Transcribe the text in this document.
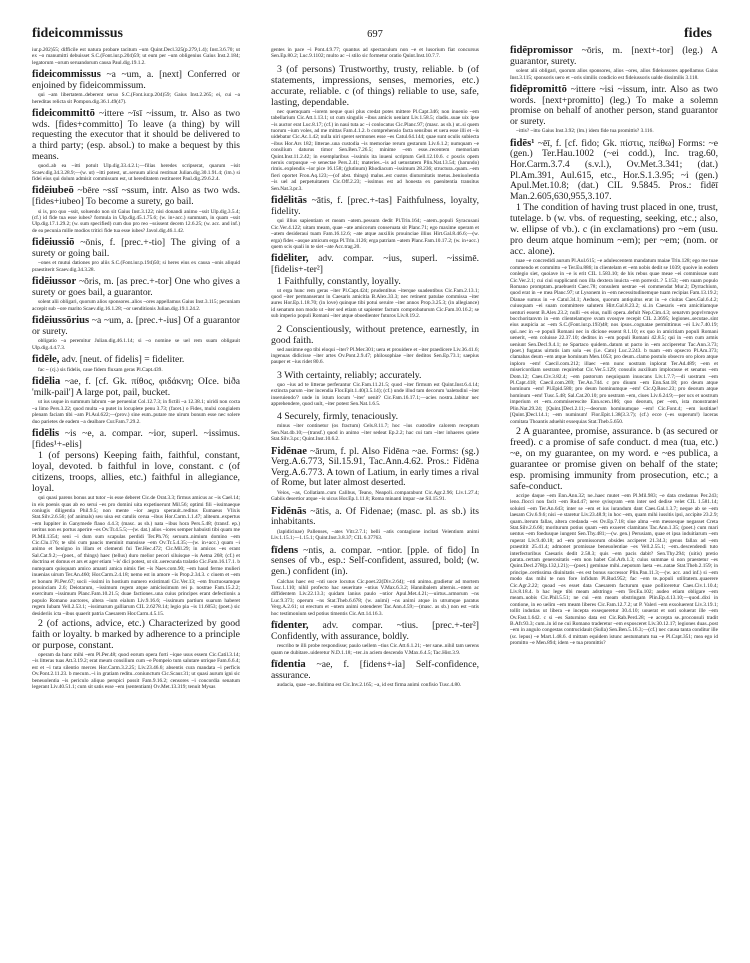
fideicommissus	697	fides

iur.p.202)55; difficile est natura probare tacitum ~um Quint.Decl.325(p.279,1.4); Inst.3.6.70; ut ex ~o manumitti debuisset S.C.(Font.iur.p.204)59; ut eum per ~um obligenius Gaius Inst.2.184; legatorum ~orum seruandorum causa Paul.dig.19.1.2.

fideicommissus ~a ~um, a. [next] Conferred or enjoined by fideicommissum.

qui ~am libertatem..deberent seruo S.C.(Font.iur.p.204)59; Gaius Inst.2.265; ei, cui ~a hereditas relicta sit Pompon.dig.36.1.49(47).

fideicommittō ~ittere ~īsī ~issum, tr. Also as two wds. [fides+committo] To leave (a thing) by will requesting the executor that it should be delivered to a third party; (esp. absol.) to make a bequest by this means.

quod..ab ea ~itti potuit Ulp.dig.33.4.2.1;—filias heredes scripserat, quarum ~isit Scaev.dig.34.3.28.9;—(w. ut) ~itti potest, ut..seruum alicui restituat Julian.dig.30.1.91.4; (im.) si fidei eius qui dolum admisit commissum est, ut hereditatem restitueret Paul.dig.29.6.2.4.

fidēiubeō ~bēre ~ssī ~ssum, intr. Also as two wds. [fides+iubeo] To become a surety, go bail.

si is, pro quo ~ssit, soluendo non sit Gaius Inst.3.122; nisi donandi animo ~ssit Ulp.dig.3.5.4; (cf.) id fide tua esse iubes? formula in Ulp.dig.45.1.75.6; (w. in+acc.) summam, in quam ~ssit Ulp.dig.17.1.29.2; (w. sum specified) cum duo pro reo ~ssissent decem 12.6.25; (w. acc. and inf.) de ea pecunia mille modios tritici fide tua esse iubes? Javol.dig.46.1.42.

fidēiussiō ~ōnis, f. [prec.+-tio] The giving of a surety or going bail.

~ones et mutui dationes pro aliis S.C.(Font.iur.p.194)50; si heres eius ex causa ~onis aliquid praestiterit Scaev.dig.34.3.28.

fidēiussor ~ōris, m. [as prec.+-tor] One who gives a surety or goes bail, a guarantor.

solent alii obligari, quorum alios sponsores..alios ~ores appellamus Gaius Inst.3.115; pecuniam accepit sub ~ore marito Scaev.dig.16.1.28; ~or uenditionis Julian.dig.19.1.24.2.

fidēiussōrius ~a ~um, a. [prec.+-ius] Of a guarantor or surety.

obligatio ~a peremitur Julian.dig.46.1.14; si ~o nomine se uel rem suam obligauit Ulp.dig.4.4.7.3.

fidēle, adv. [neut. of fidelis] = fideliter.

fac ~ (cj.) sis fidelis, caue fidem fluxam geras Pl.Capt.439.

fidēlia ~ae, f. [cf. Gk. πίθος, φιδάκνη; OIce. biða 'milk-pail'] A large pot, pail, bucket.

ut ius usque in summum labrum ~ae perueniat Col.12.7.3; in fictili ~a 12.38.1; uiridi non cocta ~a limo Pers.3.22; quod multa ~a putet in locuplete penu 3.73; (facet.) o Fides, mulsi congialem plenam faciam tibi ~am Pl.Aul.622;—(prov.) sine eum..putare me uirum bonum esse nec solere duo parietes de eadem ~a dealbare Cur.Fam.7.29.2.

fidēlis ~is ~e, a. compar. ~ior, superl. ~issimus. [fides¹+-elis]

1 (of persons) Keeping faith, faithful, constant, loyal, devoted. b faithful in love, constant. c (of citizens, troops, allies, etc.) faithful in allegiance, loyal.

qui quasi parens bonus aut tutor ~is esse deberet Cic.de Orat.3.3; firmus amicus ac ~is Cael.14; in eis poenis quas ab eo serui ~es pro domini uita expetiuerunt Mil.56; optimi fili ~issimaeque coniugis diligentia Phil.9.5; non mente ~ior aegra sperauit..reditus Eumaeus Vlixis Stat.Silv.2.6.56; (of animals) seu uisa est catulis cerua ~ibus Hor.Carm.1.1.47; aliteum..expertus ~em Iuppiter in Ganymede flauo 4.4.3; (masc. as sb.) nata ~ibus hora Pers.5.48; (transf. ep.) ueritus non es portus aperire ~es Ov.Tr.4.5.5;—(w. dat.) alios ~iores semper habuisti tibi quam me Pl.Mil.1354; seni ~i dum sum scapulas perdidi Ter.Ph.76; seruum..nimium domino ~em Cic.Clu.176; te sibi cum paucis meminit mansisse ~em Ov.Tr.5.4.35;—(w. in+acc.) quam ~i animo et benigno in illam et clementi fui Ter.Hec.472; Cic.Mil.29; in amicos ~es erant Sal.Cat.9.2;—(poet., of things) haec (tellus) duro melior pecori siluisque ~is Aetna 268; (cf.) et doctrina et domus et ars et ager etiam '~is' dici potest, ut sit..uerecunda tralatio Cic.Fam.16.17.1. b numquam quisquam amico amanti amica nimis fiet ~is Naev.com.90; ~em haud ferme mulieri inuenias uirum Ter.An.460; Hor.Carm.2.4.18; nemo est in amore ~is Prop.2.34.3. c ciuem et ~em et bonum Pl.Per.67; socii ~issimi in hostium numero existimati Cic.Ver.13; ~em fructuosamque prouinciam 2.6; Deiotarum, ~issimum regem atque amicissimum rei p. nostrae Fam.15.2.2; exercitum ~issimum Planc.Fam.10.21.5; duae factiones..una cuius principes erant defectionis a populo Romano auctores, altera ~ium eialum Liv.9.16.6; ~issimum partium suarum haberet regem Iubam Vell.2.53.1; ~issimarum galliarum CIL 2.6278.14; legio pia ~is 11.6053; (poet.) sic desideriis icta ~ibus quaerit patria Caesarem Hor.Carm.4.5.15.

2 (of actions, advice, etc.) Characterized by good faith or loyalty. b marked by adherence to a principle or purpose, constant.

operam da hanc mihi ~em Pl.Per.48; quod eorum opera forti ~ique usus essem Cic.Catil.3.14; ~is litteras tuas Att.3.19.2; erat meum consilium cum ~e Pompeio tum salutare utrique Fam.6.6.4; est et ~i tuta silentio merces Hor.Carm.3.2.25; Liv.23.46.6; absentis cura mandata ~i perficis Ov.Pont.2.11.23. b mecum..~i in gratiam reditu..coniunctum Cic.Scaur.31; ut quasi aurum igni sic beneuolentia ~is periculo aliquo perspici possit Fam.9.16.2; censores ~i concordia senatum legerant Liv.40.51.1; cum sit satis esse ~em (sententiam) Ov.Met.13.319; tenuit Mysas

gentes in pace ~i Pont.4.9.77; quantus ad spectaculum non ~e et lusorium fiat concursus Sen.Ep.80.2; Luc.9.1102; multo ac ~i stilo sic formetur oratio Quint.Inst.10.7.7.

3 (of persons) Trustworthy, trusty, reliable. b (of statements, impressions, senses, memories, etc.) accurate, reliable. c (of things) reliable to use, safe, lasting, dependable.

nec quemquam ~iorem neque quoi plus credat potes mittere Pl.Capt.346; non inuenio ~em tabellarium Cic.Att.1.13.1; ut cum singulis ~ibus amicis ueniant Liv.1.58.5; cladis..suae uix ipse ~is auctor erat Luc.8.17; (cf.) in naui tuta ac ~i conlocatus Cic.Planc.97; (masc. as sb.) ut..si quem tuorum ~ium voles, ad me mittas Fam.4.1.2. b comprehensio facta sensibus et uera esse illi et ~is uidebatur Cic.Ac.1.42; nulla uiri speret sermones esse ~es Catul.64.144; quae sunt oculis subiecta ~ibus Hor.Ars 182; litterae..una custodia ~is memoriae rerum gestarum Liv.6.1.2; numquam ~e consilium daturus timor Sen.Ben.7.26.5; minime ~em esse..recentem memoriam Quint.Inst.11.2.42; in exemplaribus ~issimis ita inueni scriptum Gell.12.10.6. c poscis opem neruis corpusque ~e senectae Pers.2.41; materies..~is ad uetustatem Plin.Nat.13.54; (harundo) rimis..explendis ~ior pice 16.158; (glutinum) Rhodiacum ~issimum 28.236; structura..quam..~em fieri oportet Fron.Aq.123;—(of abst. things) malus..est custos diuturnitatis metus..beniuolentia ~is uel ad perpetuitatem Cic.Off.2.23; ~issimus est ad honesta ex paenitentia transitus Sen.Nat.3.pr.3.

fidēlitās ~ātis, f. [prec.+-tas] Faithfulness, loyalty, fidelity.

qui illius sapientiam et meam ~atem..pessum dedit Pl.Trin.164; ~atem..populi Syracusani Cic.Ver.4.122; uitam meam, quae ~ate amicorum conseruata sit Planc.71; ego maxime operam et ~atem desideraui tuam Fam.16.12.6; ~ate atque auxiliis prouinciae illius Hirt.Gal.8.46.6;—(w. erga) fides ~asque amicum erga Pl.Trin.1126; erga patriam ~atem Planc.Fam.10.17.2; (w. in+acc.) quem scis quali in te siet ~ate Acc.trag.20.

fidēliter, adv. compar. ~ius, superl. ~issimē. [fidelis+-ter²]

1 Faithfully, constantly, loyally.

ut erga hunc rem geras ~iter Pl.Capt.424; prudentibus ~iterque suadentibus Cic.Fam.2.13.1; quod ~iter permanserant in Caesaris amicitia B.Alex.33.3; nec retinent patulae commissa ~iter aures Hor.Ep.1.18.70; (in love) quinque tibi potui seruire ~iter annos Prop.3.25.3; (in allegiance) id senatum non modo ut ~iter sed etiam ut sapienter factum comprobaturum Cic.Fam.10.16.2; se sub imperio populi Romani ~iter atque oboedienter futuros Liv.8.19.2.

2 Conscientiously, without pretence, earnestly, in good faith.

sed ausimne ego tibi eloqui ~iter? Pl.Mer.301; uera et prouidere et ~iter praedicere Liv.36.41.6; ingenuas didicisse ~iter artes Ov.Pont.2.9.47; philosophiae ~iter deditos Sen.Ep.73.1; saepius pauper et ~ius ridet 80.6.

3 With certainty, reliably; accurately.

quo ~ius ad te litterae perferantur Cic.Fam.11.21.5; quod ~iter firmum est Quint.Inst.6.4.14; extincta parum ~iter incendia Flor.Epit.1.40(3.5.14); (cf.) unde illud tam decorum 'ualetudini ~iter inseruiendo'? unde in istum locum '~iter' uenit? Cic.Fam.16.17.1;—acies nostra..labitur nec apprehendere, quod uult, ~iter potest Sen.Nat.1.6.5.

4 Securely, firmly, tenaciously.

minus ~iter continetur (os fractum) Cels.8.11.7; hoc ~ius custodire calorem receptum Sen.Nat.4b.10;—(transf.) quod in animo ~iter sedeat Ep.2.2; hac cui tam ~iter inhaeres quiete Stat.Silv.3.pr.; Quint.Inst.10.6.2.

Fidēnae ~ārum, f. pl. Also Fidēna ~ae. Forms: (sg.) Verg.A.6.773, Sil.15.91, Tac.Ann.4.62. Pros.: Fidēna Verg.A.6.773. A town of Latium, in early times a rival of Rome, but later almost deserted.

Veios, ~as, Collatiam..cum Calibus, Teano, Neapoli..comparabunt Cic.Agr.2.96; Liv.1.27.4; Gabiis desertior atque ~is uicus Hor.Ep.1.11.8; Roma minanti impar ~ae Sil.15.91.

Fidēnās ~ātis, a. Of Fidenae; (masc. pl. as sb.) its inhabitants.

(lapidicinae) Pallenses, ~ates Vitr.2.7.1; belli ~atis contagione incitati Veientium animi Liv.1.15.1;—1.15.1; Quint.Inst.3.8.37; CIL 6.37763.

fīdens ~ntis, a. compar. ~ntior. [pple. of fido] In senses of vb., esp.: Self-confident, assured, bold; (w. gen.) confident (in).

Calchas haec est ~nti uoce locutus Cic.poet.22(Div.2.64); ~nti animo..gradietur ad mortem Tusc.1.110; nihil profecto hac seueritate ~ntius V.Max.6.3.2; Hannibalem alternis..~ntem ac diffidentem Liv.22.13.3; quidam lanius paulo ~ntior Apul.Met.4.21;—uirtus..armorum ~ns Luc.9.373; operum ~ns Stat.Theb.6.678; (w. animi) ~ns animi atque in utrumque paratus Verg.A.2.61; ut erectum et ~ntem animi ostenderet Tac.Ann.4.59;—(masc. as sb.) non est ~ntis hoc testimonium sed potius timentis Cic.Att.14.16.3.

fīdenter, adv. compar. ~tius. [prec.+-ter²] Confidently, with assurance, boldly.

rescribo te illi probe respondisse; paulo uellem ~tius Cic.Att.6.1.21; ~ter sane..nihil tam uerens quam ne dubitare..uideretur N.D.1.18; ~ter..in aciem descendo V.Max.6.4.5; Tac.Hist.3.9.

fīdentia ~ae, f. [fidens+-ia] Self-confidence, assurance.

audacia, quae ~ae..finitima est Cic.Inv.2.165; ~a, id est firma animi confisio Tusc.4.80.

fidēpromissor ~ōris, m. [next+-tor] (leg.) A guarantor, surety.

solent alii obligari, quorum alios sponsores, alios ~ores, alios fideiussores appellamus Gaius Inst.3.115; sponsoris uero et ~oris similis condicio est fideiussoris ualde dissimilis 3.118.

fidēpromittō ~ittere ~isi ~issum, intr. Also as two words. [next+promitto] (leg.) To make a solemn promise on behalf of another person, stand guarantor or surety.

~ittis? ~itto Gaius Inst.3.92; (lm.) idem fide tua promittis? 3.116.

fidēs¹ ~ēī, f. [cf. fido; Gk. πίστις, πείθω] Forms: ~e (gen.) Ter.Hau.1002 (~ei codd.), Inc. trag.60, Hor.Carm.3.7.4 (s.v.l.), Ov.Met.3.341; (dat.) Pl.Am.391, Aul.615, etc., Hor.S.1.3.95; ~i (gen.) Apul.Met.10.8; (dat.) CIL 9.5845. Pros.: fidēī Man.2.605,630,955,3.107.

1 The condition of having trust placed in one, trust, tutelage. b (w. vbs. of requesting, seeking, etc.; also, w. ellipse of vb.). c (in exclamations) pro ~em (usu. pro deum atque hominum ~em); per ~em; (nom. or acc. alone).

tuae ~e concredidi aurum Pl.Aul.615; ~e adulescentem mandatum maiae Trin.128; ego me tuae commendo et committo ~e Ter.Eu.886; in clientelam et ~em nobis dedit se 1039; quoive in eodem conlegio siet, quoiave in ~e is erit CIL 1.583.10; de his rebus quae meae ~ei commissae sunt Cic.Ver.2.1; cui ciui supplicanti non illa dextera inuicta ~em porrexit..? 5.153; ~em suam populo Romano promptam..praebuerit Caec.78; consulem uestrae ~ei commendat Mur.2; Dyrrachium, quod erat in ~e mea Planc.97; ut Lysonem in ~em necessitudinemque tuam recipias Fam.13.19.2; Dianae sumus in ~e Catul.34.1; Aeduos, quorum antiquitus erat in ~e ciuitas Caes.Gal.6.4.2; cuiusquam ~ei suam committere salutem Hirt.Gal.8.23.2; si..in Caesaris ~em amicitiamque uenturi essent B.Alex.23.2; nulli ~es eius, nulli opera..defuit Nep.Cim.4.3; senatvm popvlvmqve bocchoritanvm in ~em clientelamqve svam svosqve recepit CIL 2.3695; legiones..secutae..sint eius auspicia ac ~em S.C.(Font.iur.p.193)48; nos ipsos..cognatae permittimus ~ei Liv.7.40.19; qui..nec in ~e populi Romani nec in dicione essent 8.1.10; ex quo in amicitiam populi Romani uenerit, ~em coluisse 22.37.10; deditos in ~em populi Romani 42.8.5; qui in ~em cum armis ueniunt Sen.Decl.9.4.1; ne Spartaco quidem..datum ut pacto in ~em acciperetur Tac.Ann.3.73; (poet.) fugatas uirtutis iam sola ~es (i.e. Cato) Luc.2.243. b tuam ~em opsecro Pl.Am.373; clamabas deum ~em atque hominum Men.1053; pro deum..clamo postulo obsecro oro ploro atque inploro ~em! Caecil.com.212; illaec ~em nunc uostram inplorat Ter.Ad.489; ~em et misericordiam uestram requirebat Cic.Ver.5.129; consulis auxilium implorasse et senatus ~em Dom.12; Caes.Civ.3.82.4; ~em pastorum nequiquam inuocans Liv.1.7.7;—di uostram ~em Pl.Capt.418; Caecil.com.269; Ter.An.744. c pro diuum ~em Enn.Sat.18; pro deum atque hominum ~em! Pl.Epid.580; pro deum hominumque ~em! Cic.Q.Rosc.23; pro deorum atque hominum ~em! Tusc.5.48; Sal.Cat.20.10; pro uestram ~em, ciues Liv.6.24.9;—per ucs et uostrum imperium et ~em..commiserescite Enn.scen.186; quo deorum, per ~em, ista monstrantel Plin.Nat.29.24; [Quint.]Decl.2.11;—deorum hominumque ~em! Cic.Font.4; ~em iustitiae! [Quint.]Decl.14.1; ~em numinum! Flor.Epit.1.38(3.3.7); (cf.) ecce (~es superum!) laceras comitata Thoantis aduehit exsequias Stat.Theb.5.650.

2 A guarantee, promise, assurance. b (as secured or freed). c a promise of safe conduct. d mea (tua, etc.) ~e, on my guarantee, on my word. e ~es publica, a guarantee or promise given on behalf of the state; esp. promising immunity from prosecution, etc.; a safe-conduct.

accipe daque ~em Enn.Ann.32; ne..haec mutet ~em Pl.Mil.983; ~e data credamus Per.243; leno..flocci non facit ~em Rud.47; neve qvisqvam ~em inter sed dedise velet CIL 1.581.14; soluisti ~em Ter.An.643; inter se ~em et ius iurandum dant Caes.Gal.1.3.7; neque ab se ~em laesam Civ.6.9.6; nisi ~e staretur Liv.23.48.9; in hoc ~em, quam mihi iussitis ipsi, accipite 23.2.9; quam..iterum fallas, altera credanda ~es Ov.Ep.7.18; siue alma ~em messesque negasset Creta Stat.Silv.2.6.66; moriturum potius quam ~em exueret clamitans Tac.Ann.1.35; (poet.) cum mari uentus ~em foedusque iungent Sen.Thy.481;—(w. gen.) Perusiam, quae et ipsa induitiarum ~em ruperat Liv.9.40.18; ad ~em promissorum obsides acciperet 21.34.3; genus fallax ad ~em praestitit 25.41.4; admonet promissae beneuolentiae ~es Vell.2.55.1; ~em..descendendi tuto interfectoribus Caesaris dedit 2.58.3; quis ~em pacis dabit? Sen.Thy.294; (uitis) pretio parata..certam generositatis ~em non habet Col.Arb.1.3; cuius summae si non praestetur ~es Quint.Decl.278(p.132,l.21);—(poet.) geminae mihi..nepotum laeta ~es..natae Stat.Theb.2.159; in principe..certissima diuinitatis ~es est bonus successor Plin.Pan.11.3;—(w. acc. and inf.) si ~em modo das mihi te non fore infidum Pl.Rud.952; fac ~em te..populi utilitatem..quaerere Cic.Agr.2.22; quoad ~es esset data Caesarem facturum quae polliceretur Caes.Civ.1.10.4; Liv.8.18.4. b hac lege tibi meam adstringo ~em Ter.Eu.102; audeo etiam obligare ~em meam..uobis Cic.Phil.5.51; ne cui ~em meam obstringam Plin.Ep.4.13.10;—quod..dixi in contione, in eo uelim ~em meam liberes Cic.Fam.12.7.2; ut P. Valeri ~em exsoluerent Liv.3.19.1; tollit indutias ut libera ~e incepta exsequeretur 30.4.10; uouerat et uoti soluerat ille ~em Ov.Fast.1.642. c si ~es Saturnino data est Cic.Rab.Perd.28; ~e accepta se..proconsuli tradit B.Afr.93.3; cum..in id ne cui Romano traderetur ~em exposceret Liv.30.12.17; legiones duas..post ~em in angulo congestas contrucidauit (Sulla) Sen.Ben.5.16.3;—(cf.) nec causa tanta conditur ille (sc. lepus) ~e Mart.1.48.6. d mittam equidem istunc aestumatum tua ~e Pl.Capt.351; mea ego id promitto ~e Men.894; idem ~e tua promittis?
